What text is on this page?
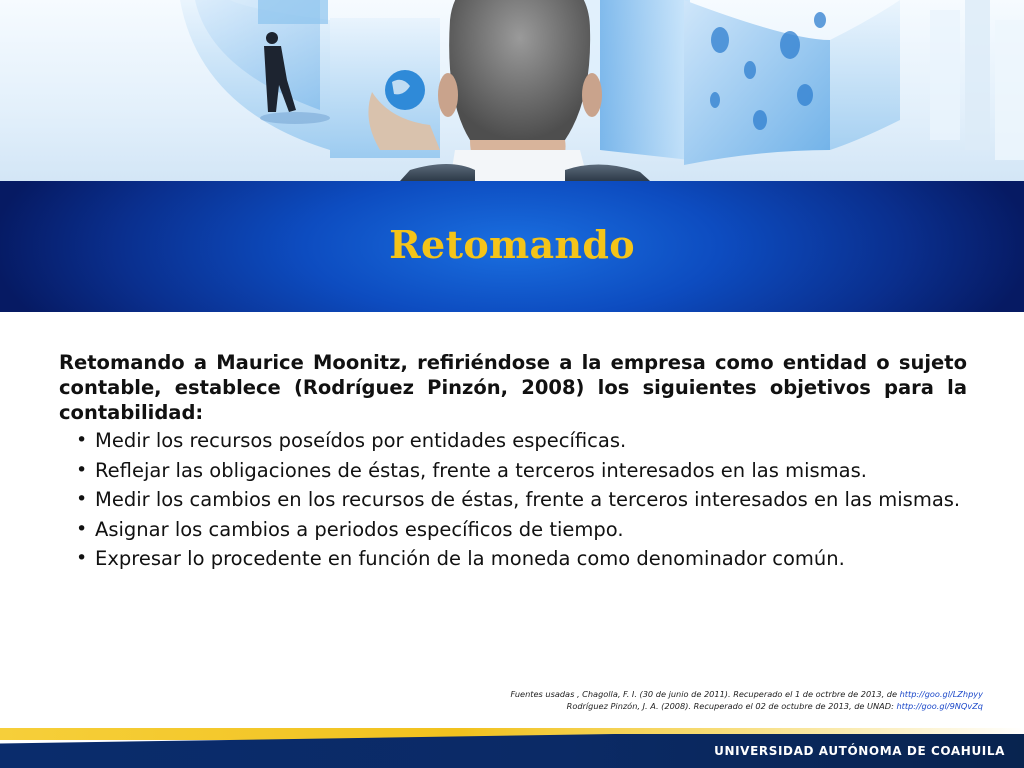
Retomando

Retomando a Maurice Moonitz, refiriéndose a la empresa como entidad o sujeto contable, establece (Rodríguez Pinzón, 2008) los siguientes objetivos para la contabilidad:

• Medir los recursos poseídos por entidades específicas.
• Reflejar las obligaciones de éstas, frente a terceros interesados en las mismas.
• Medir los cambios en los recursos de éstas, frente a terceros interesados en las mismas.
• Asignar los cambios a periodos específicos de tiempo.
• Expresar lo procedente en función de la moneda como denominador común.
Fuentes usadas , Chagolla, F. I. (30 de junio de 2011). Recuperado el 1 de octrbre de 2013, de http://goo.gl/LZhpyy
Rodríguez Pinzón, J. A. (2008). Recuperado el 02 de octubre de 2013, de UNAD: http://goo.gl/9NQvZq
UNIVERSIDAD AUTÓNOMA DE COAHUILA
